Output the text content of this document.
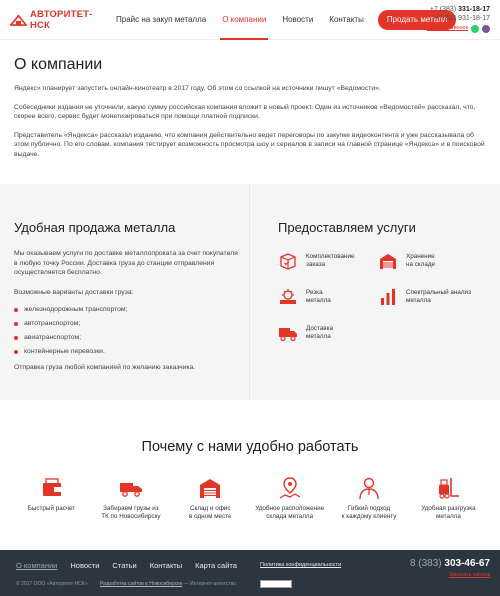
АВТОРИТЕТ-НСК	Прайс на закуп металла	О компании	Новости	Контакты	Продать металл
+7 (383) 331-18-17
+7 903 931-18-17
Заказать звонок
О компании

Яндекс» планирует запустить онлайн-кинотеатр в 2017 году. Об этом со ссылкой на источники пишут «Ведомости».

Собеседники издания не уточнили, какую сумму российская компания вложит в новый проект. Один из источников «Ведомостей» рассказал, что, скорее всего, сервис будет монетизироваться при помощи платной подписки.

Представитель «Яндекса» рассказал изданию, что компания действительно ведет переговоры по закупке видеоконтента и уже рассказывала об этом публично. По его словам, компания тестирует возможность просмотра шоу и сериалов в записи на главной странице «Яндекса» и в поисковой выдаче.

Удобная продажа металла

Мы оказываем услуги по доставке металлопроката за счет покупателя в любую точку России. Доставка груза до станции отправления осуществляется бесплатно.

Возможные варианты доставки груза:

железнодорожным транспортом;
автотранспортом;
авиатранспортом;
контейнерные перевозки.

Отправка груза любой компанией по желанию заказчика.

Предоставляем услуги
Комплектование
заказа
Хранение
на складе
Резка
металла
Спектральный анализ
металла
Доставка
металла
Почему с нами удобно работать
Быстрый расчет	Забираем грузы из
ТК по Новосибирску
Склад и офис
в одном месте
Удобное расположение
склада металла
Гибкий подход
к каждому клиенту
Удобная разгрузка
металла
О компании Новости Статьи Контакты Карта сайта	Политика конфиденциальности	8 (383) 303-46-67
Заказать звонок
© 2017 ООО «Авторитет-НСК» Разработка сайтов в Новосибирске — Интернет-агентство
